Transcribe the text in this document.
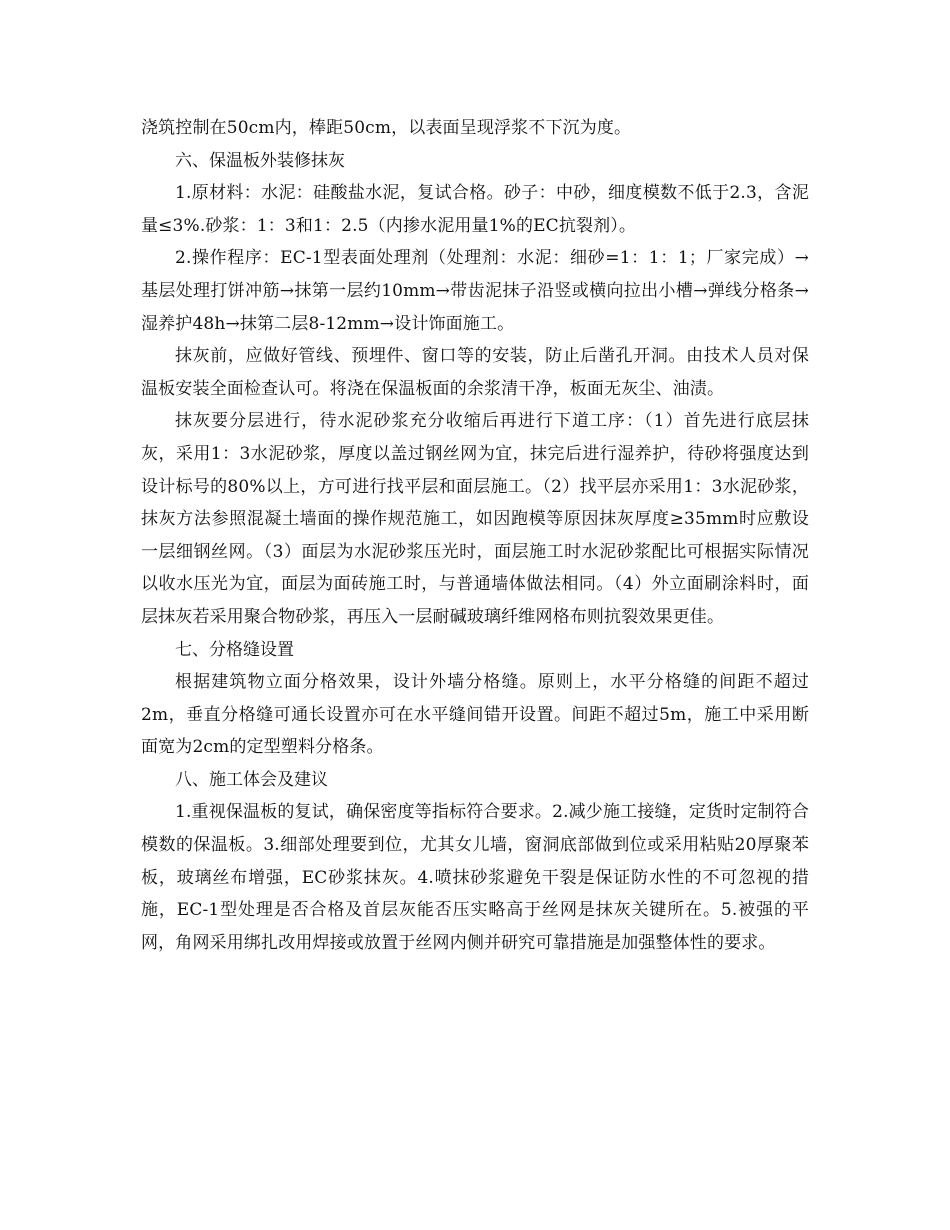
浇筑控制在50cm内，棒距50cm，以表面呈现浮浆不下沉为度。

六、保温板外装修抹灰

1.原材料：水泥：硅酸盐水泥，复试合格。砂子：中砂，细度模数不低于2.3，含泥量≤3%.砂浆：1：3和1：2.5（内掺水泥用量1%的EC抗裂剂）。

2.操作程序：EC-1型表面处理剂（处理剂：水泥：细砂=1：1：1；厂家完成）→基层处理打饼冲筋→抹第一层约10mm→带齿泥抹子沿竖或横向拉出小槽→弹线分格条→湿养护48h→抹第二层8-12mm→设计饰面施工。

抹灰前，应做好管线、预埋件、窗口等的安装，防止后凿孔开洞。由技术人员对保温板安装全面检查认可。将浇在保温板面的余浆清干净，板面无灰尘、油渍。

抹灰要分层进行，待水泥砂浆充分收缩后再进行下道工序：（1）首先进行底层抹灰，采用1：3水泥砂浆，厚度以盖过钢丝网为宜，抹完后进行湿养护，待砂将强度达到设计标号的80%以上，方可进行找平层和面层施工。（2）找平层亦采用1：3水泥砂浆，抹灰方法参照混凝土墙面的操作规范施工，如因跑模等原因抹灰厚度≥35mm时应敷设一层细钢丝网。（3）面层为水泥砂浆压光时，面层施工时水泥砂浆配比可根据实际情况以收水压光为宜，面层为面砖施工时，与普通墙体做法相同。（4）外立面刷涂料时，面层抹灰若采用聚合物砂浆，再压入一层耐碱玻璃纤维网格布则抗裂效果更佳。

七、分格缝设置

根据建筑物立面分格效果，设计外墙分格缝。原则上，水平分格缝的间距不超过2m，垂直分格缝可通长设置亦可在水平缝间错开设置。间距不超过5m，施工中采用断面宽为2cm的定型塑料分格条。

八、施工体会及建议

1.重视保温板的复试，确保密度等指标符合要求。2.减少施工接缝，定货时定制符合模数的保温板。3.细部处理要到位，尤其女儿墙，窗洞底部做到位或采用粘贴20厚聚苯板，玻璃丝布增强，EC砂浆抹灰。4.喷抹砂浆避免干裂是保证防水性的不可忽视的措施，EC-1型处理是否合格及首层灰能否压实略高于丝网是抹灰关键所在。5.被强的平网，角网采用绑扎改用焊接或放置于丝网内侧并研究可靠措施是加强整体性的要求。
